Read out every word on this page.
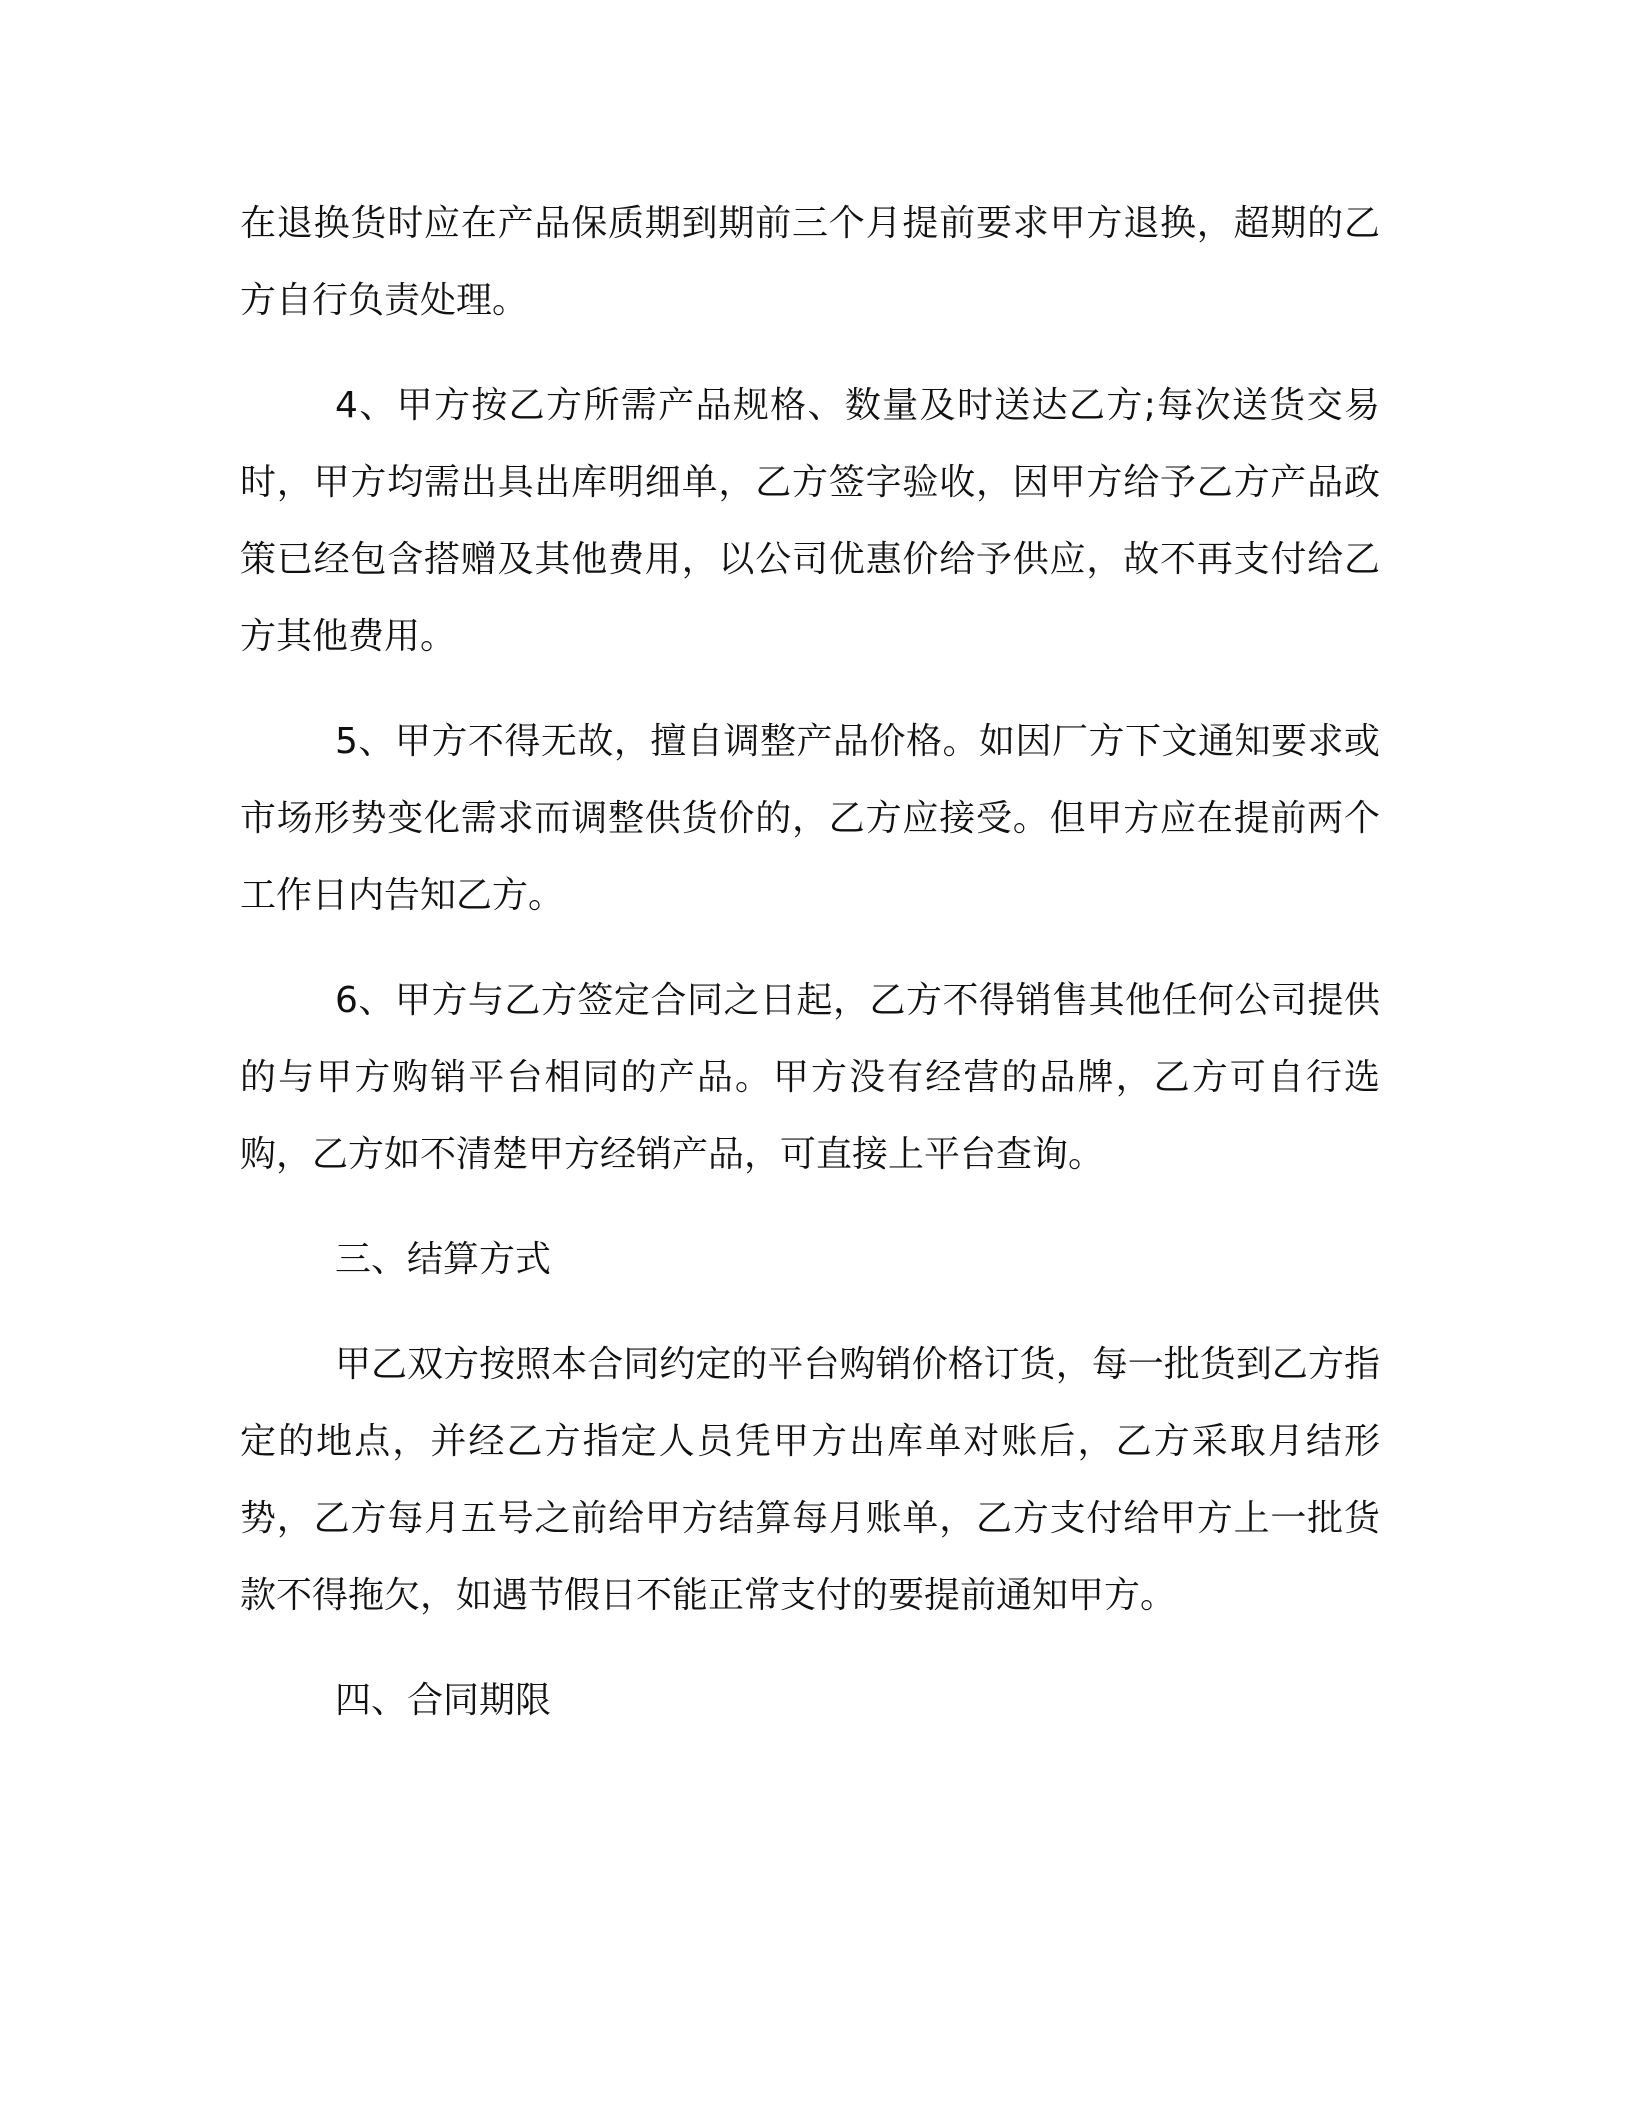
在退换货时应在产品保质期到期前三个月提前要求甲方退换，超期的乙方自行负责处理。

4、甲方按乙方所需产品规格、数量及时送达乙方;每次送货交易时，甲方均需出具出库明细单，乙方签字验收，因甲方给予乙方产品政策已经包含搭赠及其他费用，以公司优惠价给予供应，故不再支付给乙方其他费用。

5、甲方不得无故，擅自调整产品价格。如因厂方下文通知要求或市场形势变化需求而调整供货价的，乙方应接受。但甲方应在提前两个工作日内告知乙方。

6、甲方与乙方签定合同之日起，乙方不得销售其他任何公司提供的与甲方购销平台相同的产品。甲方没有经营的品牌，乙方可自行选购，乙方如不清楚甲方经销产品，可直接上平台查询。

三、结算方式

甲乙双方按照本合同约定的平台购销价格订货，每一批货到乙方指定的地点，并经乙方指定人员凭甲方出库单对账后，乙方采取月结形势，乙方每月五号之前给甲方结算每月账单，乙方支付给甲方上一批货款不得拖欠，如遇节假日不能正常支付的要提前通知甲方。

四、合同期限
